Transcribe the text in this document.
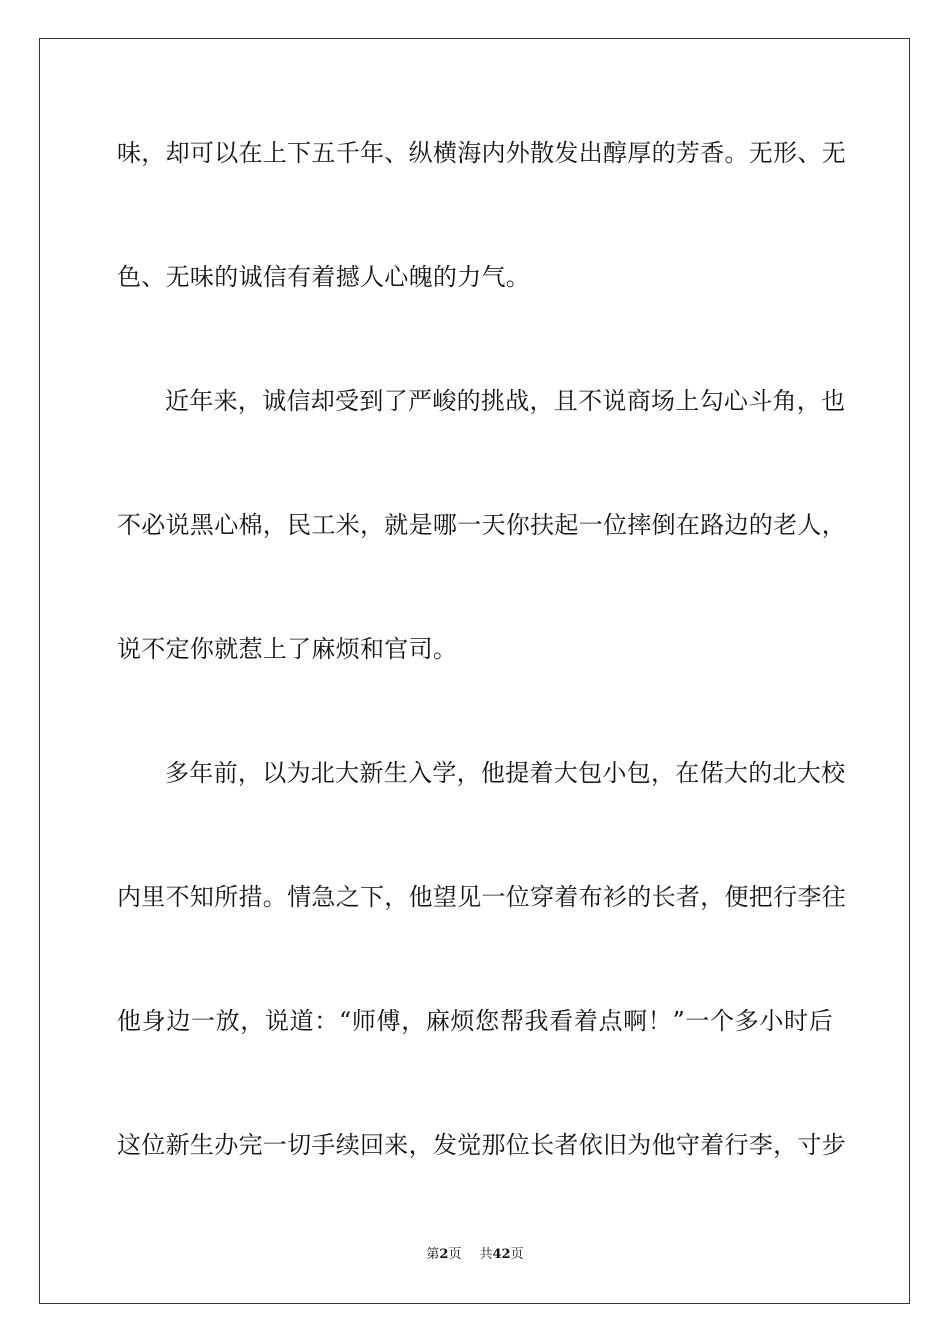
味，却可以在上下五千年、纵横海内外散发出醇厚的芳香。无形、无
色、无味的诚信有着撼人心魄的力气。
近年来，诚信却受到了严峻的挑战，且不说商场上勾心斗角，也
不必说黑心棉，民工米，就是哪一天你扶起一位摔倒在路边的老人，
说不定你就惹上了麻烦和官司。
多年前，以为北大新生入学，他提着大包小包，在偌大的北大校
内里不知所措。情急之下，他望见一位穿着布衫的长者，便把行李往
他身边一放，说道：“师傅，麻烦您帮我看着点啊！”一个多小时后
这位新生办完一切手续回来，发觉那位长者依旧为他守着行李，寸步
第2页 共42页
